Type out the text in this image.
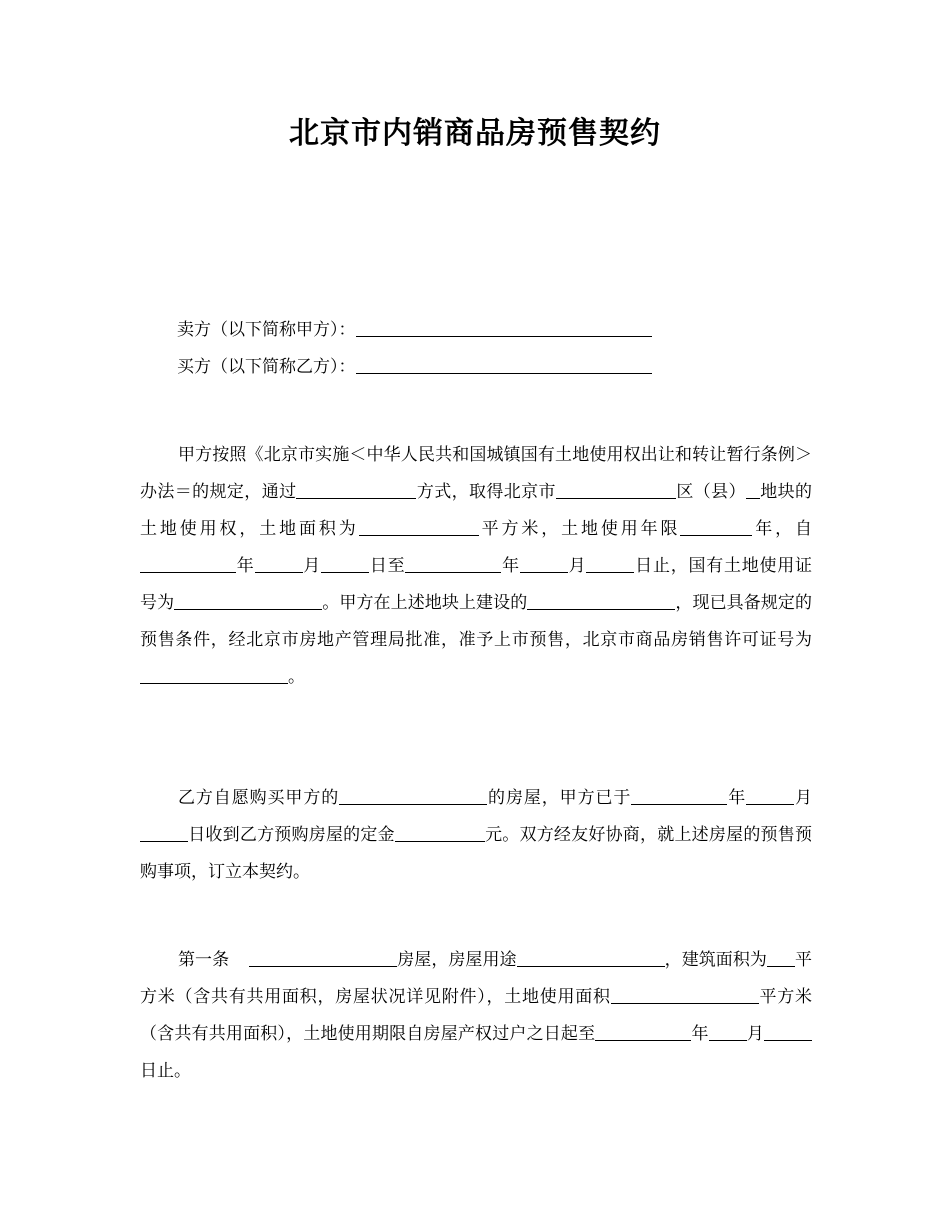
北京市内销商品房预售契约
卖方（以下简称甲方）：
买方（以下简称乙方）：

甲方按照《北京市实施＜中华人民共和国城镇国有土地使用权出让和转让暂行条例＞办法＝的规定，通过	方式，取得北京市	区（县） 地块的土地使用权，土地面积为	平方米，土地使用年限	年，自年	月	日至	年	月	日止，国有土地使用证号为	。甲方在上述地块上建设的	，现已具备规定的预售条件，经北京市房地产管理局批准，准予上市预售，北京市商品房销售许可证号为。

乙方自愿购买甲方的	的房屋，甲方已于	年	月日收到乙方预购房屋的定金	元。双方经友好协商，就上述房屋的预售预购事项，订立本契约。

第一条	房屋，房屋用途	，建筑面积为 平方米（含共有共用面积，房屋状况详见附件），土地使用面积	平方米（含共有共用面积），土地使用期限自房屋产权过户之日起至	年 月日止。
